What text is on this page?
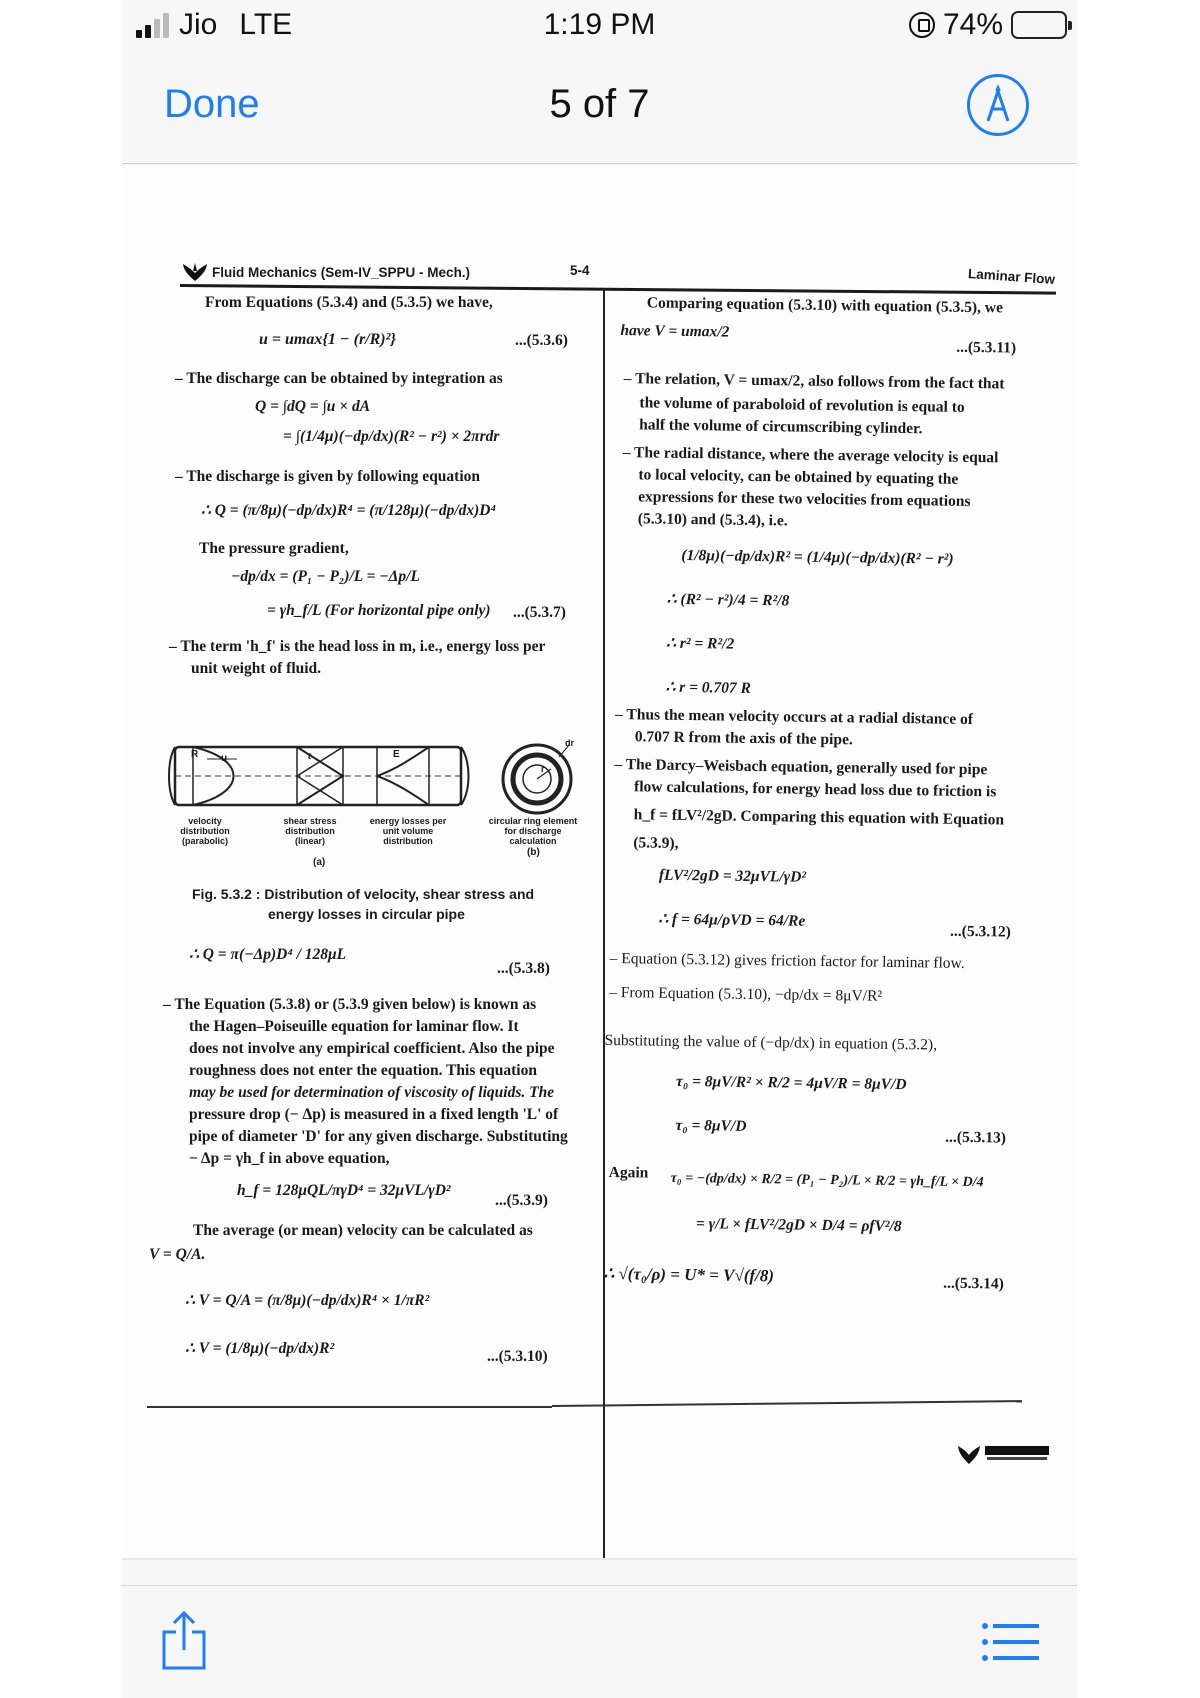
Jio LTE	1:19 PM	74%
Done	5 of 7
Fluid Mechanics (Sem-IV_SPPU - Mech.)	5-4	Laminar Flow
From Equations (5.3.4) and (5.3.5) we have,
u = umax{1 − (r/R)²}	...(5.3.6)
– The discharge can be obtained by integration as
Q = ∫dQ = ∫u × dA
= ∫(1/4μ)(−dp/dx)(R² − r²) × 2πrdr
– The discharge is given by following equation
∴ Q = (π/8μ)(−dp/dx)R⁴ = (π/128μ)(−dp/dx)D⁴
The pressure gradient,
−dp/dx = (P₁ − P₂)/L = −Δp/L
= γh_f/L (For horizontal pipe only) ...(5.3.7)
– The term 'h_f' is the head loss in m, i.e., energy loss per
unit weight of fluid.
R u	τ	E
dr
r
velocity distribution (parabolic)
shear stress distribution (linear)
energy losses per unit volume distribution
circular ring element for discharge calculation
(a)
(b)
Fig. 5.3.2 : Distribution of velocity, shear stress and
energy losses in circular pipe
∴ Q = π(−Δp)D⁴ / 128μL
...(5.3.8)
– The Equation (5.3.8) or (5.3.9 given below) is known as
the Hagen–Poiseuille equation for laminar flow. It
does not involve any empirical coefficient. Also the pipe
roughness does not enter the equation. This equation
may be used for determination of viscosity of liquids. The
pressure drop (− Δp) is measured in a fixed length 'L' of
pipe of diameter 'D' for any given discharge. Substituting
− Δp = γh_f in above equation,
h_f = 128μQL/πγD⁴ = 32μVL/γD²
...(5.3.9)
The average (or mean) velocity can be calculated as
V = Q/A.
∴ V = Q/A = (π/8μ)(−dp/dx)R⁴ × 1/πR²
∴ V = (1/8μ)(−dp/dx)R²	...(5.3.10)
Comparing equation (5.3.10) with equation (5.3.5), we
have V = umax/2
...(5.3.11)
– The relation, V = umax/2, also follows from the fact that
the volume of paraboloid of revolution is equal to
half the volume of circumscribing cylinder.
– The radial distance, where the average velocity is equal
to local velocity, can be obtained by equating the
expressions for these two velocities from equations
(5.3.10) and (5.3.4), i.e.
(1/8μ)(−dp/dx)R² = (1/4μ)(−dp/dx)(R² − r²)
∴ (R² − r²)/4 = R²/8
∴ r² = R²/2
∴ r = 0.707 R
– Thus the mean velocity occurs at a radial distance of
0.707 R from the axis of the pipe.
– The Darcy–Weisbach equation, generally used for pipe
flow calculations, for energy head loss due to friction is
h_f = fLV²/2gD. Comparing this equation with Equation
(5.3.9),
fLV²/2gD = 32μVL/γD²
∴ f = 64μ/ρVD = 64/Re
...(5.3.12)
– Equation (5.3.12) gives friction factor for laminar flow.
– From Equation (5.3.10), −dp/dx = 8μV/R²
Substituting the value of (−dp/dx) in equation (5.3.2),
τ₀ = 8μV/R² × R/2 = 4μV/R = 8μV/D
τ₀ = 8μV/D
...(5.3.13)
Again τ₀ = −(dp/dx) × R/2 = (P₁ − P₂)/L × R/2 = γh_f/L × D/4
= γ/L × fLV²/2gD × D/4 = ρfV²/8
∴ √(τ₀/ρ) = U* = V√(f/8)	...(5.3.14)
